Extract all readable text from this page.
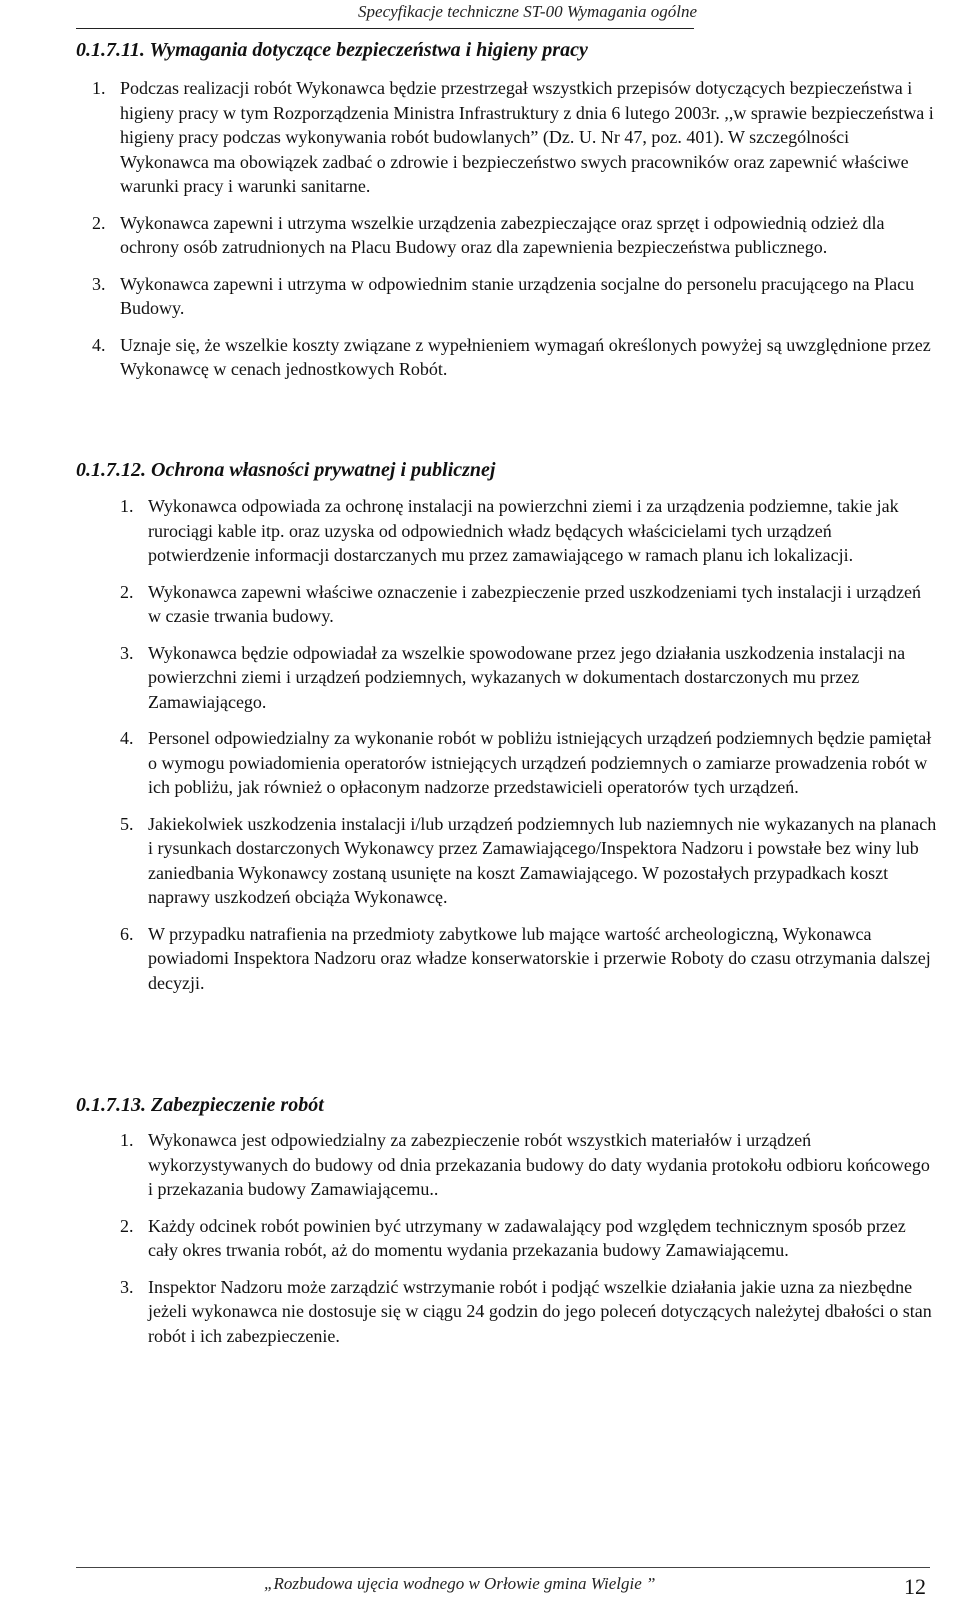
Specyfikacje techniczne ST-00 Wymagania ogólne
0.1.7.11. Wymagania dotyczące bezpieczeństwa i higieny pracy
1. Podczas realizacji robót Wykonawca będzie przestrzegał wszystkich przepisów dotyczących bezpieczeństwa i higieny pracy w tym Rozporządzenia Ministra Infrastruktury z dnia 6 lutego 2003r. ,,w sprawie bezpieczeństwa i higieny pracy podczas wykonywania robót budowlanych” (Dz. U. Nr 47, poz. 401). W szczególności Wykonawca ma obowiązek zadbać o zdrowie i bezpieczeństwo swych pracowników oraz zapewnić właściwe warunki pracy i warunki sanitarne.
2. Wykonawca zapewni i utrzyma wszelkie urządzenia zabezpieczające oraz sprzęt i odpowiednią odzież dla ochrony osób zatrudnionych na Placu Budowy oraz dla zapewnienia bezpieczeństwa publicznego.
3. Wykonawca zapewni i utrzyma w odpowiednim stanie urządzenia socjalne do personelu pracującego na Placu Budowy.
4. Uznaje się, że wszelkie koszty związane z wypełnieniem wymagań określonych powyżej są uwzględnione przez Wykonawcę w cenach jednostkowych Robót.
0.1.7.12. Ochrona własności prywatnej i publicznej
1. Wykonawca odpowiada za ochronę instalacji na powierzchni ziemi i za urządzenia podziemne, takie jak rurociągi kable itp. oraz uzyska od odpowiednich władz będących właścicielami tych urządzeń potwierdzenie informacji dostarczanych mu przez zamawiającego w ramach planu ich lokalizacji.
2. Wykonawca zapewni właściwe oznaczenie i zabezpieczenie przed uszkodzeniami tych instalacji i urządzeń w czasie trwania budowy.
3. Wykonawca będzie odpowiadał za wszelkie spowodowane przez jego działania uszkodzenia instalacji na powierzchni ziemi i urządzeń podziemnych, wykazanych w dokumentach dostarczonych mu przez Zamawiającego.
4. Personel odpowiedzialny za wykonanie robót w pobliżu istniejących urządzeń podziemnych będzie pamiętał o wymogu powiadomienia operatorów istniejących urządzeń podziemnych o zamiarze prowadzenia robót w ich pobliżu, jak również o opłaconym nadzorze przedstawicieli operatorów tych urządzeń.
5. Jakiekolwiek uszkodzenia instalacji i/lub urządzeń podziemnych lub naziemnych nie wykazanych na planach i rysunkach dostarczonych Wykonawcy przez Zamawiającego/Inspektora Nadzoru i powstałe bez winy lub zaniedbania Wykonawcy zostaną usunięte na koszt Zamawiającego. W pozostałych przypadkach koszt naprawy uszkodzeń obciąża Wykonawcę.
6. W przypadku natrafienia na przedmioty zabytkowe lub mające wartość archeologiczną, Wykonawca powiadomi Inspektora Nadzoru oraz władze konserwatorskie i przerwie Roboty do czasu otrzymania dalszej decyzji.
0.1.7.13. Zabezpieczenie robót
1. Wykonawca jest odpowiedzialny za zabezpieczenie robót wszystkich materiałów i urządzeń wykorzystywanych do budowy od dnia przekazania budowy do daty wydania protokołu odbioru końcowego i przekazania budowy Zamawiającemu..
2. Każdy odcinek robót powinien być utrzymany w zadawalający pod względem technicznym sposób przez cały okres trwania robót, aż do momentu wydania przekazania budowy Zamawiającemu.
3. Inspektor Nadzoru może zarządzić wstrzymanie robót i podjąć wszelkie działania jakie uzna za niezbędne jeżeli wykonawca nie dostosuje się w ciągu 24 godzin do jego poleceń dotyczących należytej dbałości o stan robót i ich zabezpieczenie.
„Rozbudowa ujęcia wodnego w Orłowie gmina Wielgie ”	12
